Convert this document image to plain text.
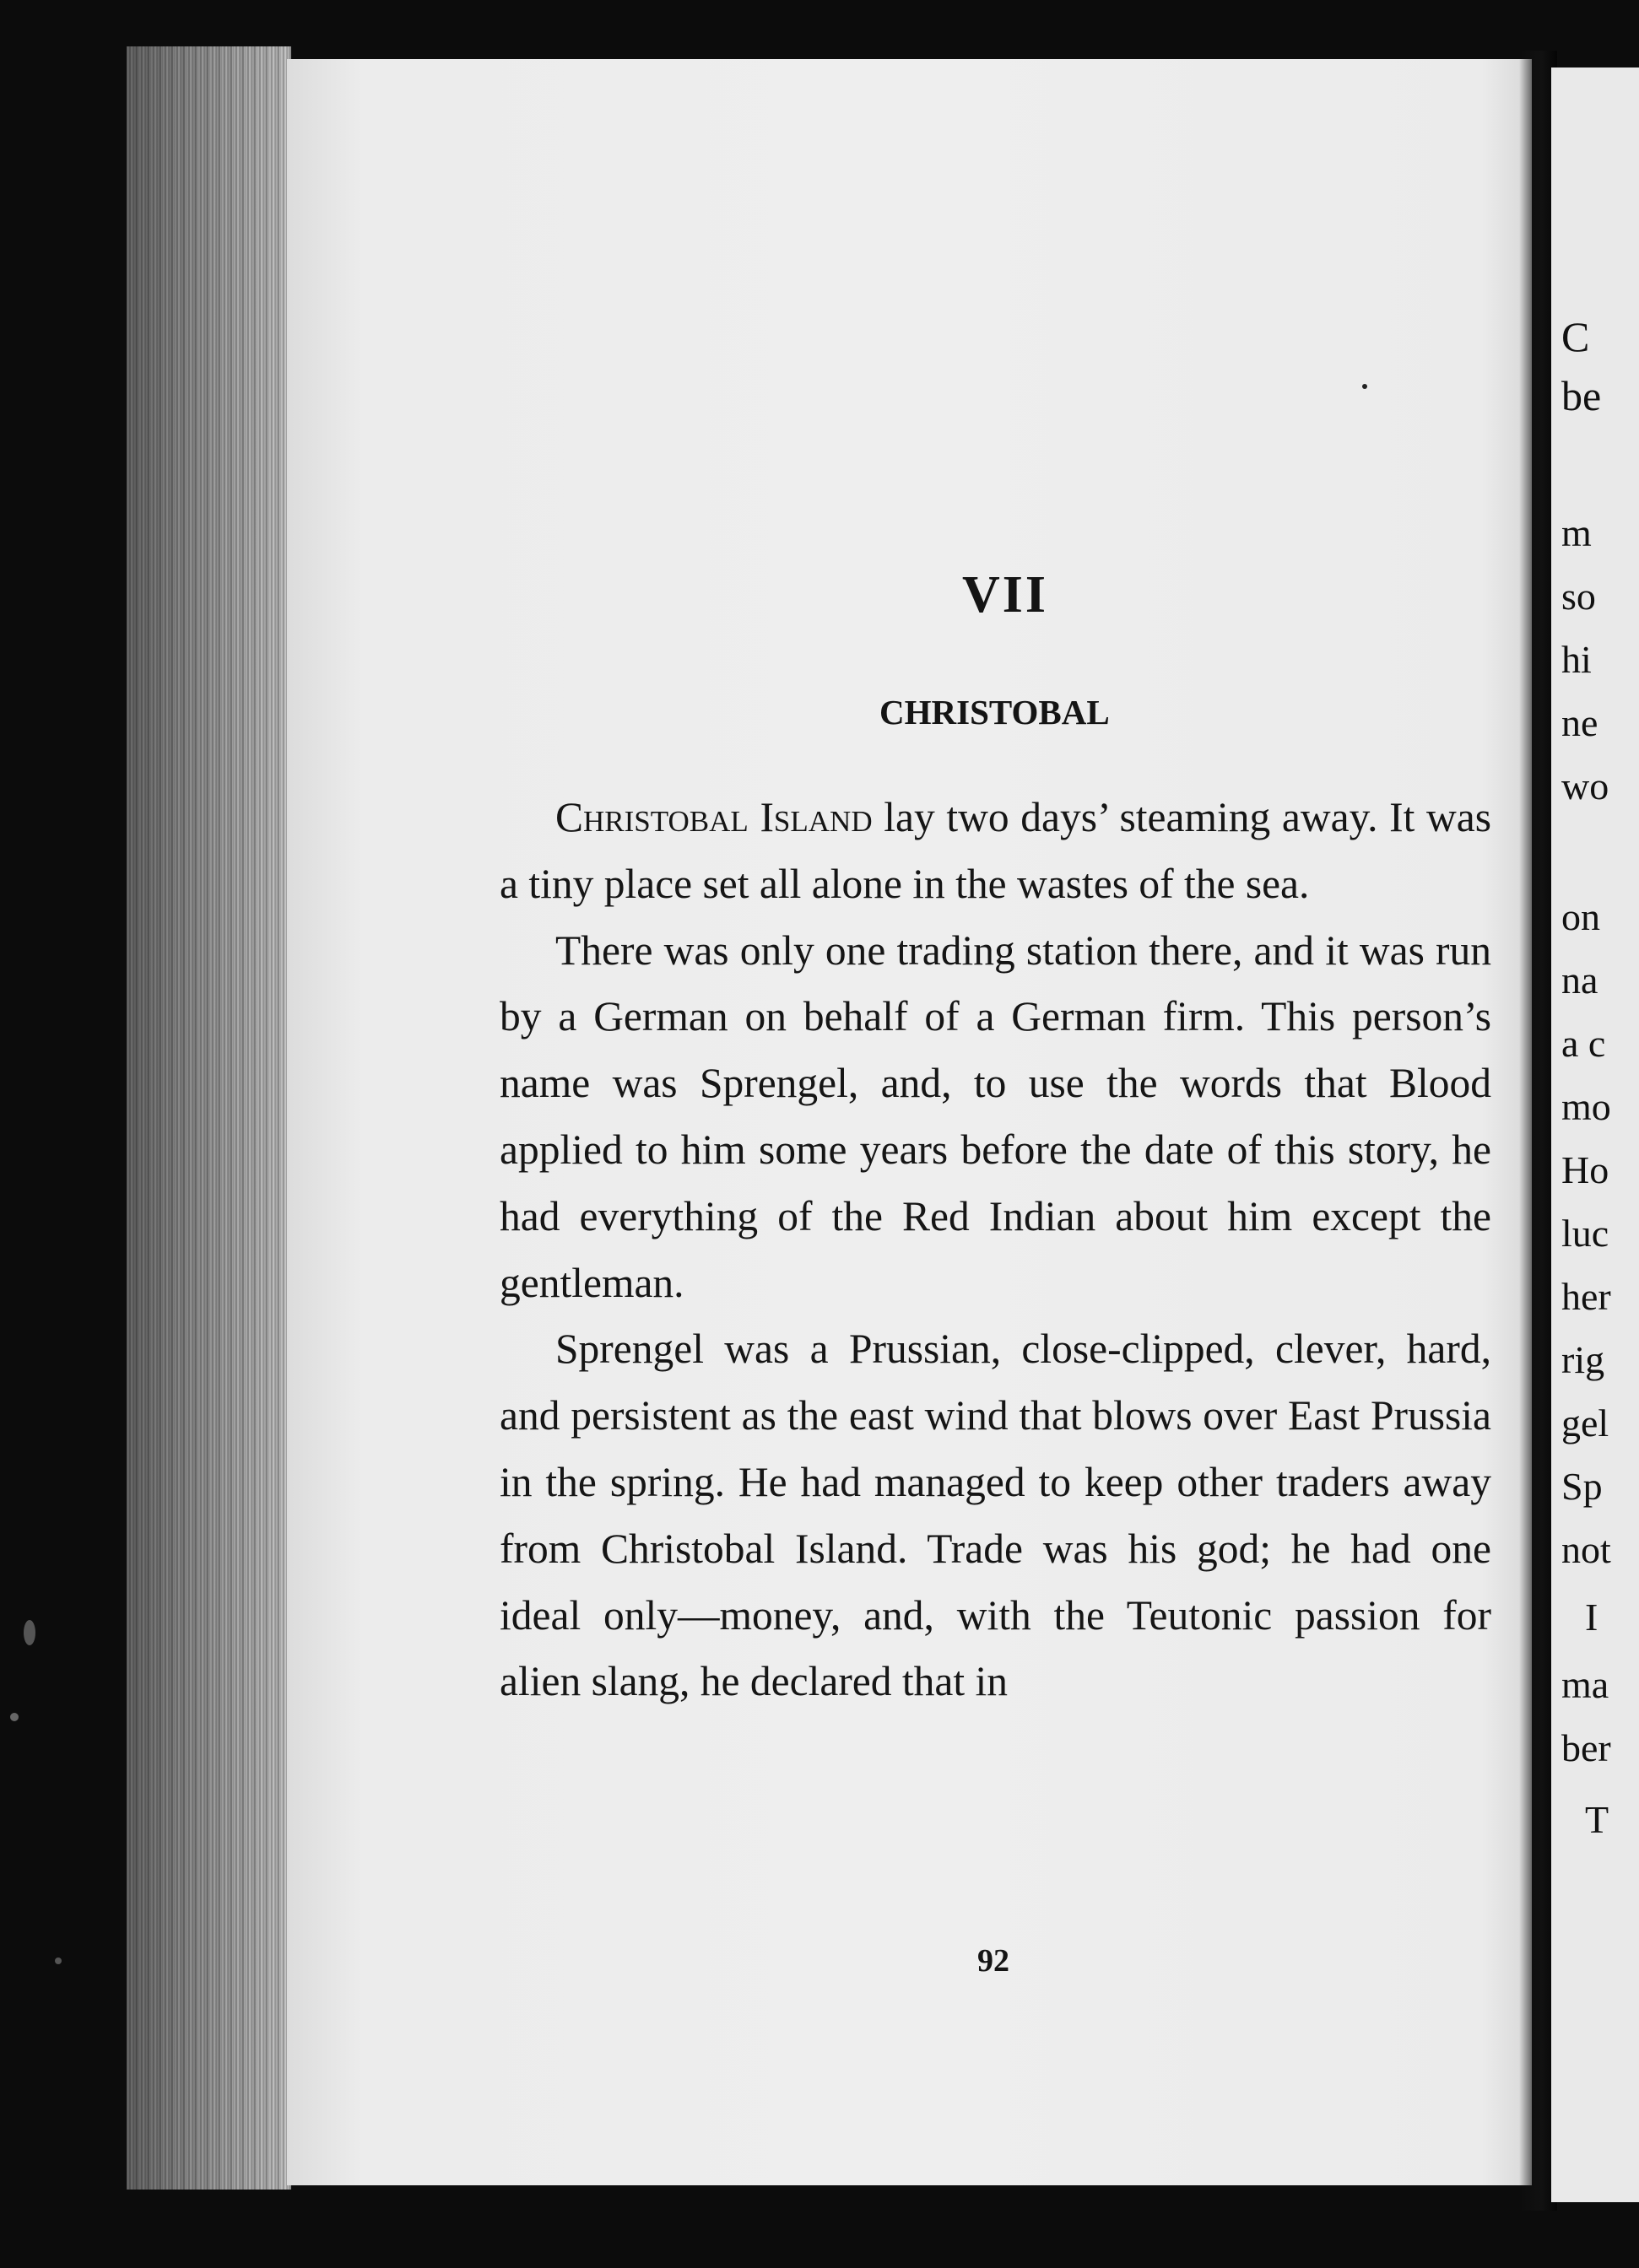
C
be
m
so
hi
ne
wo
on
na
a c
mo
Ho
luc
her
rig
gel
Sp
not
I
ma
ber
T
VII
CHRISTOBAL

Christobal Island lay two days’ steaming away. It was a tiny place set all alone in the wastes of the sea.

There was only one trading station there, and it was run by a German on behalf of a German firm. This person’s name was Sprengel, and, to use the words that Blood applied to him some years before the date of this story, he had everything of the Red Indian about him except the gentleman.

Sprengel was a Prussian, close-clipped, clever, hard, and persistent as the east wind that blows over East Prussia in the spring. He had managed to keep other traders away from Christobal Island. Trade was his god; he had one ideal only—money, and, with the Teutonic passion for alien slang, he declared that in

92
